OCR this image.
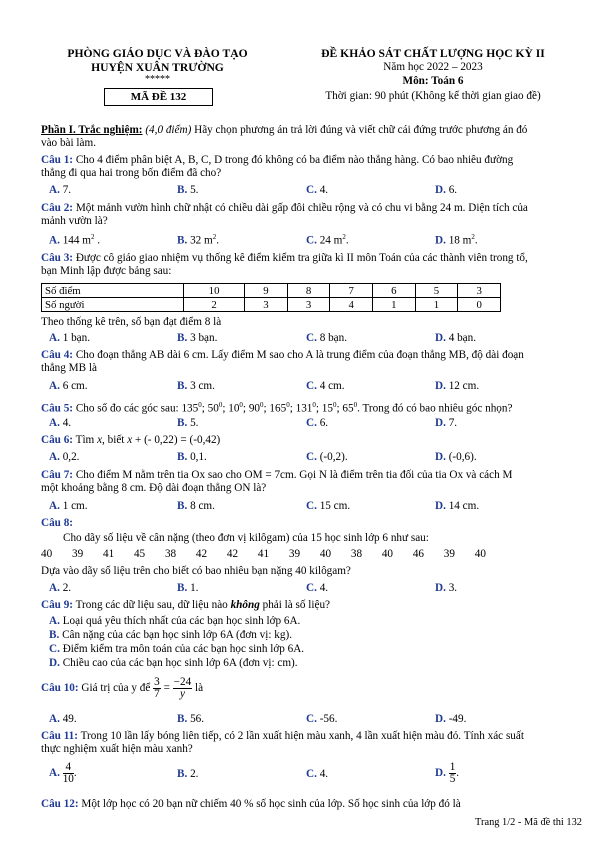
PHÒNG GIÁO DỤC VÀ ĐÀO TẠO
HUYỆN XUÂN TRƯỜNG
*****
MÃ ĐỀ 132
ĐỀ KHẢO SÁT CHẤT LƯỢNG HỌC KỲ II
Năm học 2022 – 2023
Môn: Toán 6
Thời gian: 90 phút (Không kể thời gian giao đề)
Phần I. Trắc nghiệm: (4,0 điểm) Hãy chọn phương án trả lời đúng và viết chữ cái đứng trước phương án đó
vào bài làm.
Câu 1: Cho 4 điểm phân biệt A, B, C, D trong đó không có ba điểm nào thẳng hàng. Có bao nhiêu đường
thẳng đi qua hai trong bốn điểm đã cho?
A. 7.	B. 5.	C. 4.	D. 6.
Câu 2: Một mảnh vườn hình chữ nhật có chiều dài gấp đôi chiều rộng và có chu vi bằng 24 m. Diện tích của
mảnh vườn là?
A. 144 $m^2$ .	B. 32 $m^2$.	C. 24 $m^2$.	D. 18 $m^2$.
Câu 3: Được cô giáo giao nhiệm vụ thống kê điểm kiểm tra giữa kì II môn Toán của các thành viên trong tổ,
bạn Minh lập được bảng sau:
Số điểm	10	9	8	7	6	5	3
Số người	2	3	3	4	1	1	0
Theo thống kê trên, số bạn đạt điểm 8 là
A. 1 bạn.	B. 3 bạn.	C. 8 bạn.	D. 4 bạn.
Câu 4: Cho đoạn thẳng AB dài 6 cm. Lấy điểm M sao cho A là trung điểm của đoạn thẳng MB, độ dài đoạn
thẳng MB là
A. 6 cm.	B. 3 cm.	C. 4 cm.	D. 12 cm.
Câu 5: Cho số đo các góc sau: $135^0$; $50^0$; $10^0$; $90^0$; $165^0$; $131^0$; $15^0$; $65^0$. Trong đó có bao nhiêu góc nhọn?
A. 4.	B. 5.	C. 6.	D. 7.
Câu 6: Tìm x, biết x + (- 0,22) = (-0,42)
A. 0,2.	B. 0,1.	C. (-0,2).	D. (-0,6).
Câu 7: Cho điểm M nằm trên tia Ox sao cho OM = 7cm. Gọi N là điểm trên tia đối của tia Ox và cách M
một khoảng bằng 8 cm. Độ dài đoạn thẳng ON là?
A. 1 cm.	B. 8 cm.	C. 15 cm.	D. 14 cm.
Câu 8:
Cho dãy số liệu về cân nặng (theo đơn vị kilôgam) của 15 học sinh lớp 6 như sau:
40 39 41 45 38 42 42 41 39 40 38 40 46 39 40
Dựa vào dãy số liệu trên cho biết có bao nhiêu bạn nặng 40 kilôgam?
A. 2.	B. 1.	C. 4.	D. 3.
Câu 9: Trong các dữ liệu sau, dữ liệu nào không phải là số liệu?
A. Loại quả yêu thích nhất của các bạn học sinh lớp 6A.
B. Cân nặng của các bạn học sinh lớp 6A (đơn vị: kg).
C. Điểm kiểm tra môn toán của các bạn học sinh lớp 6A.
D. Chiều cao của các bạn học sinh lớp 6A (đơn vị: cm).
Câu 10: Giá trị của y để $\frac{3}{7} = \frac{-24}{y}$ là
A. 49.	B. 56.	C. -56.	D. -49.
Câu 11: Trong 10 lần lấy bóng liên tiếp, có 2 lần xuất hiện màu xanh, 4 lần xuất hiện màu đỏ. Tính xác suất
thực nghiệm xuất hiện màu xanh?
A. $\frac{4}{10}$ .	B. 2.	C. 4.	D. $\frac{1}{5}$ .
Câu 12: Một lớp học có 20 bạn nữ chiếm 40 % số học sinh của lớp. Số học sinh của lớp đó là
Trang 1/2 - Mã đề thi 132
